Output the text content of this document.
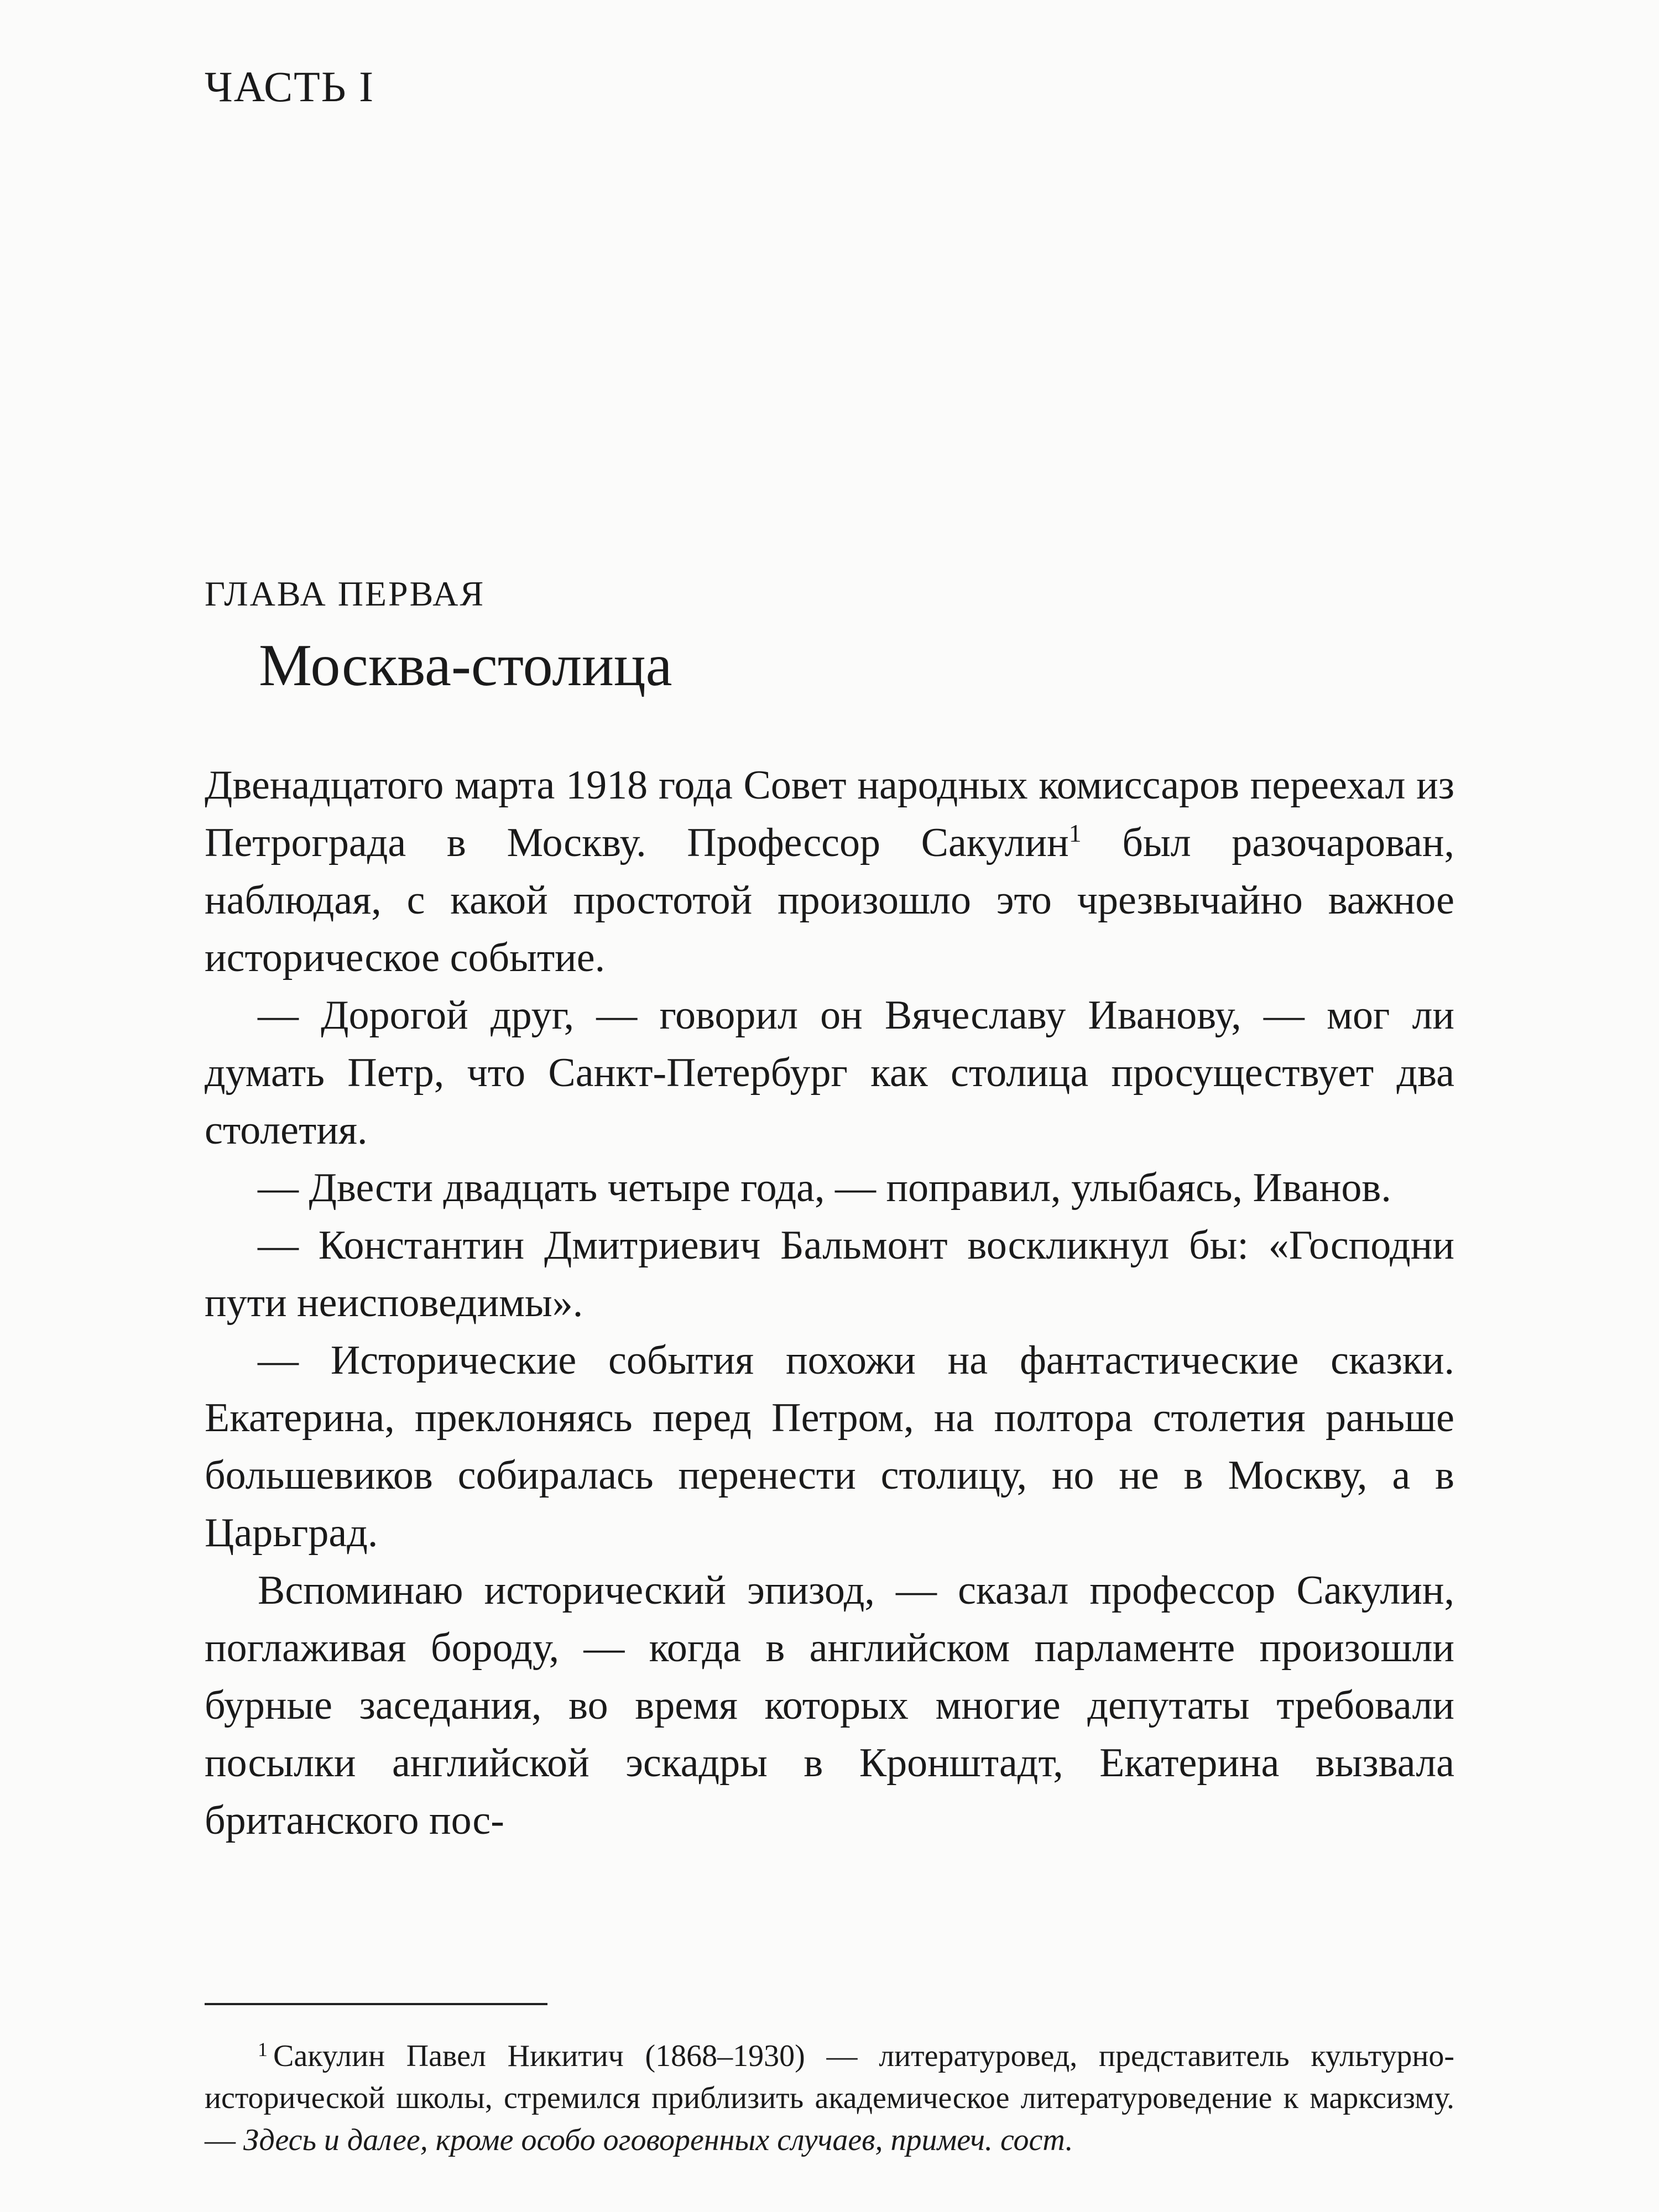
ЧАСТЬ I
ГЛАВА ПЕРВАЯ
Москва-столица

Двенадцатого марта 1918 года Совет народных комиссаров переехал из Петрограда в Москву. Профессор Сакулин$^1$ был разочарован, наблюдая, с какой простотой произошло это чрезвычайно важное историческое событие.

— Дорогой друг, — говорил он Вячеславу Иванову, — мог ли думать Петр, что Санкт-Петербург как столица просуществует два столетия.

— Двести двадцать четыре года, — поправил, улыбаясь, Иванов.

— Константин Дмитриевич Бальмонт воскликнул бы: «Господни пути неисповедимы».

— Исторические события похожи на фантастические сказки. Екатерина, преклоняясь перед Петром, на полтора столетия раньше большевиков собиралась перенести столицу, но не в Москву, а в Царьград.

Вспоминаю исторический эпизод, — сказал профессор Сакулин, поглаживая бороду, — когда в английском парламенте произошли бурные заседания, во время которых многие депутаты требовали посылки английской эскадры в Кронштадт, Екатерина вызвала британского пос-

$^1$ Сакулин Павел Никитич (1868–1930) — литературовед, представитель культурно-исторической школы, стремился приблизить академическое литературоведение к марксизму. — Здесь и далее, кроме особо оговоренных случаев, примеч. сост.
